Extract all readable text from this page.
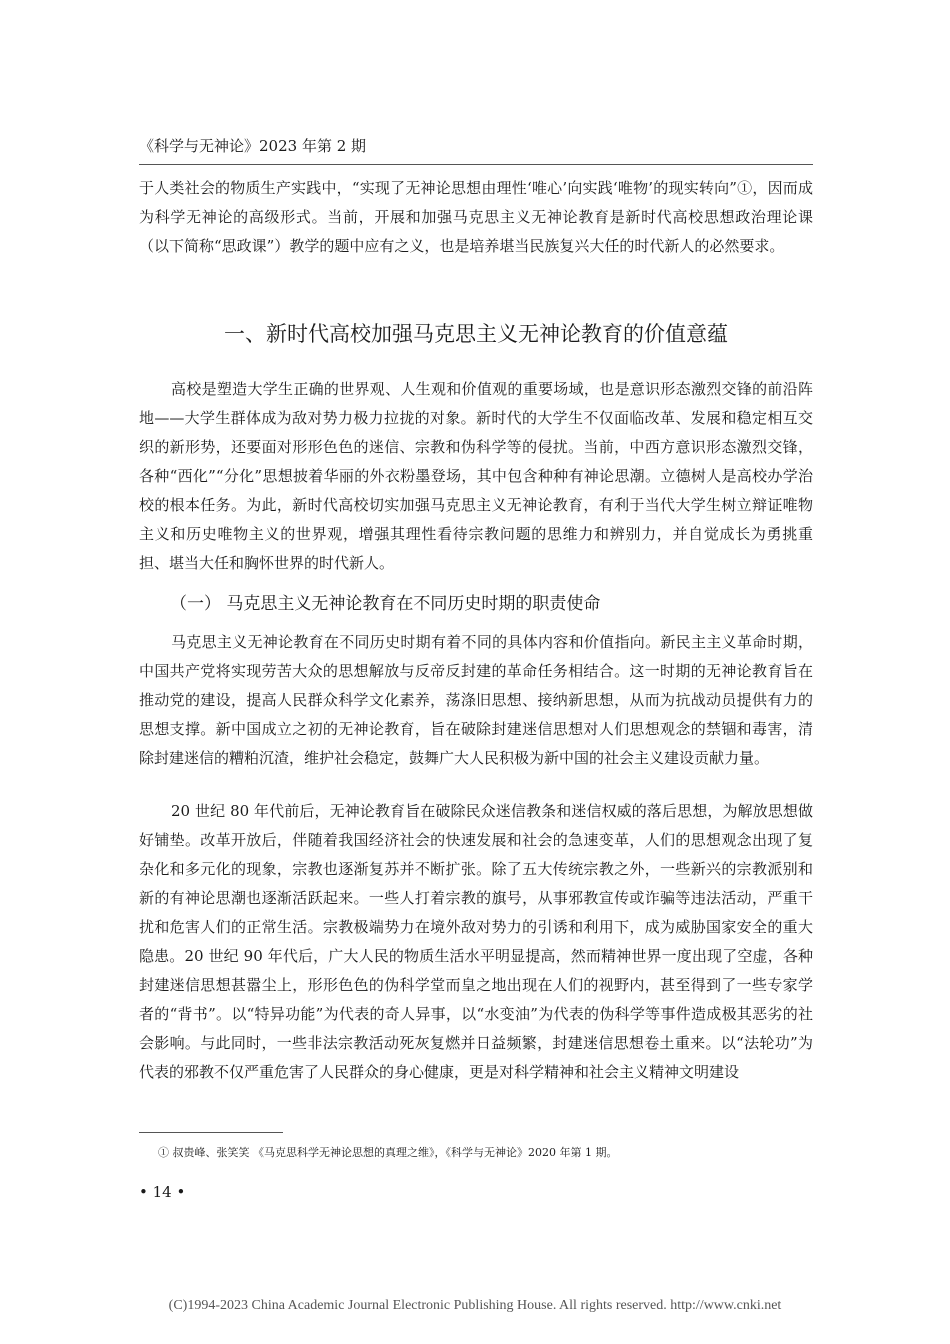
《科学与无神论》2023 年第 2 期

于人类社会的物质生产实践中，“实现了无神论思想由理性‘唯心’向实践‘唯物’的现实转向”①，因而成为科学无神论的高级形式。当前，开展和加强马克思主义无神论教育是新时代高校思想政治理论课（以下简称“思政课”）教学的题中应有之义，也是培养堪当民族复兴大任的时代新人的必然要求。

一、新时代高校加强马克思主义无神论教育的价值意蕴

高校是塑造大学生正确的世界观、人生观和价值观的重要场域，也是意识形态激烈交锋的前沿阵地——大学生群体成为敌对势力极力拉拢的对象。新时代的大学生不仅面临改革、发展和稳定相互交织的新形势，还要面对形形色色的迷信、宗教和伪科学等的侵扰。当前，中西方意识形态激烈交锋，各种“西化”“分化”思想披着华丽的外衣粉墨登场，其中包含种种有神论思潮。立德树人是高校办学治校的根本任务。为此，新时代高校切实加强马克思主义无神论教育，有利于当代大学生树立辩证唯物主义和历史唯物主义的世界观，增强其理性看待宗教问题的思维力和辨别力，并自觉成长为勇挑重担、堪当大任和胸怀世界的时代新人。

（一） 马克思主义无神论教育在不同历史时期的职责使命

马克思主义无神论教育在不同历史时期有着不同的具体内容和价值指向。新民主主义革命时期，中国共产党将实现劳苦大众的思想解放与反帝反封建的革命任务相结合。这一时期的无神论教育旨在推动党的建设，提高人民群众科学文化素养，荡涤旧思想、接纳新思想，从而为抗战动员提供有力的思想支撑。新中国成立之初的无神论教育，旨在破除封建迷信思想对人们思想观念的禁锢和毒害，清除封建迷信的糟粕沉渣，维护社会稳定，鼓舞广大人民积极为新中国的社会主义建设贡献力量。

20 世纪 80 年代前后，无神论教育旨在破除民众迷信教条和迷信权威的落后思想，为解放思想做好铺垫。改革开放后，伴随着我国经济社会的快速发展和社会的急速变革，人们的思想观念出现了复杂化和多元化的现象，宗教也逐渐复苏并不断扩张。除了五大传统宗教之外，一些新兴的宗教派别和新的有神论思潮也逐渐活跃起来。一些人打着宗教的旗号，从事邪教宣传或诈骗等违法活动，严重干扰和危害人们的正常生活。宗教极端势力在境外敌对势力的引诱和利用下，成为威胁国家安全的重大隐患。20 世纪 90 年代后，广大人民的物质生活水平明显提高，然而精神世界一度出现了空虚，各种封建迷信思想甚嚣尘上，形形色色的伪科学堂而皇之地出现在人们的视野内，甚至得到了一些专家学者的“背书”。以“特异功能”为代表的奇人异事，以“水变油”为代表的伪科学等事件造成极其恶劣的社会影响。与此同时，一些非法宗教活动死灰复燃并日益频繁，封建迷信思想卷土重来。以“法轮功”为代表的邪教不仅严重危害了人民群众的身心健康，更是对科学精神和社会主义精神文明建设

① 叔贵峰、张笑笑 《马克思科学无神论思想的真理之维》，《科学与无神论》2020 年第 1 期。
• 14 •
(C)1994-2023 China Academic Journal Electronic Publishing House. All rights reserved. http://www.cnki.net
